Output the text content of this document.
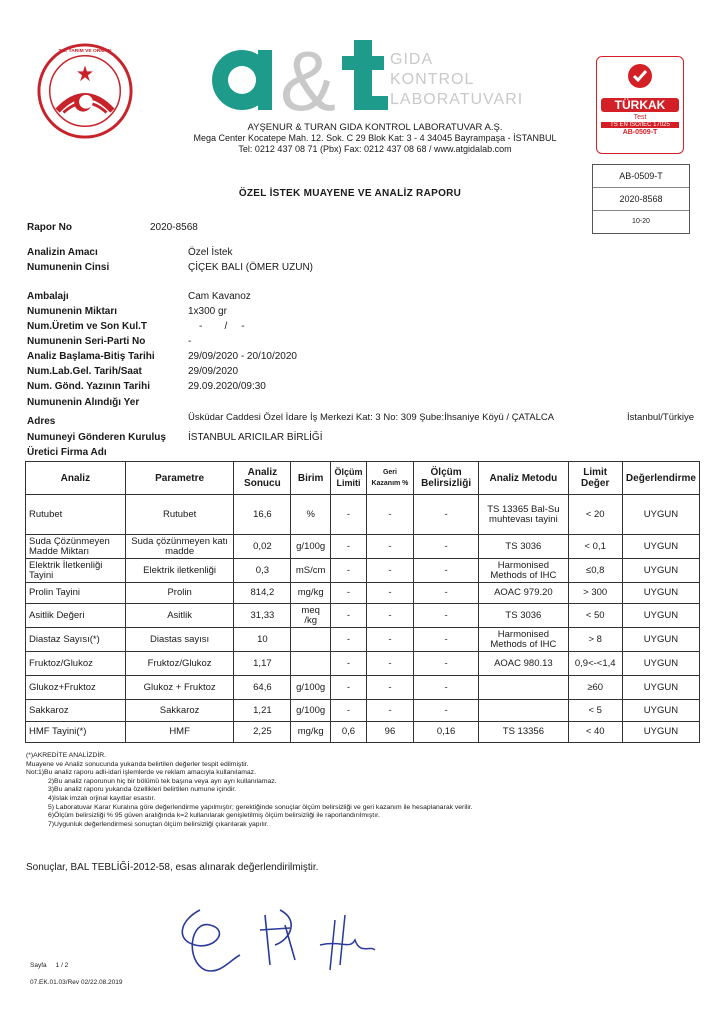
T.C. TARIM VE ORMAN &	GIDA
KONTROL
LABORATUVARI	TÜRKAK
Test
TS EN ISO/IEC 17025
AB-0509-T
AYŞENUR & TURAN GIDA KONTROL LABORATUVAR A.Ş.
Mega Center Kocatepe Mah. 12. Sok. C 29 Blok Kat: 3 - 4 34045 Bayrampaşa - İSTANBUL
Tel: 0212 437 08 71 (Pbx) Fax: 0212 437 08 68 / www.atgidalab.com
AB-0509-T
2020-8568
10-20
ÖZEL İSTEK MUAYENE VE ANALİZ RAPORU
Rapor No	2020-8568
Analizin Amacı	Özel İstek
Numunenin Cinsi	ÇİÇEK BALI (ÖMER UZUN)
Ambalajı	Cam Kavanoz
Numunenin Miktarı	1x300 gr
Num.Üretim ve Son Kul.T	-        /     -
Numunenin Seri-Parti No	-
Analiz Başlama-Bitiş Tarihi	29/09/2020 - 20/10/2020
Num.Lab.Gel. Tarih/Saat	29/09/2020
Num. Gönd. Yazının Tarihi	29.09.2020/09:30
Numunenin Alındığı Yer
Adres	Üsküdar Caddesi Özel İdare İş Merkezi Kat: 3 No: 309 Şube:İhsaniye Köyü / ÇATALCA	İstanbul/Türkiye
Numuneyi Gönderen Kuruluş İSTANBUL ARICILAR BİRLİĞİ
Üretici Firma Adı
Analiz	Parametre	Analiz Sonucu	Birim	Ölçüm Limiti	Geri Kazanım %	Ölçüm Belirsizliği	Analiz Metodu	Limit Değer	Değerlendirme
Rutubet	Rutubet	16,6	%	-	-	-	TS 13365 Bal-Su muhtevası tayini	< 20	UYGUN
Suda Çözünmeyen Madde Miktarı	Suda çözünmeyen katı madde	0,02	g/100g	-	-	-	TS 3036	< 0,1	UYGUN
Elektrik İletkenliği Tayini	Elektrik iletkenliği	0,3	mS/cm	-	-	-	Harmonised Methods of IHC	≤0,8	UYGUN
Prolin Tayini	Prolin	814,2	mg/kg	-	-	-	AOAC 979.20	> 300	UYGUN
Asitlik Değeri	Asitlik	31,33	meq /kg	-	-	-	TS 3036	< 50	UYGUN
Diastaz Sayısı(*)	Diastas sayısı	10		-	-	-	Harmonised Methods of IHC	> 8	UYGUN
Fruktoz/Glukoz	Fruktoz/Glukoz	1,17		-	-	-	AOAC 980.13	0,9<-<1,4	UYGUN
Glukoz+Fruktoz	Glukoz + Fruktoz	64,6	g/100g	-	-	-		≥60	UYGUN
Sakkaroz	Sakkaroz	1,21	g/100g	-	-	-		< 5	UYGUN
HMF Tayini(*)	HMF	2,25	mg/kg	0,6	96	0,16	TS 13356	< 40	UYGUN
(*)AKREDİTE ANALİZDİR.
Muayene ve Analiz sonucunda yukarıda belirtilen değerler tespit edilmiştir.
Not: 1)Bu analiz raporu adli-idari işlemlerde ve reklam amacıyla kullanılamaz.
2)Bu analiz raporunun hiç bir bölümü tek başına veya ayrı ayrı kullanılamaz.
3)Bu analiz raporu yukarıda özellikleri belirtilen numune içindir.
4)Islak imzalı orjinal kayıtlar esastır.
5) Laboratuvar Karar Kuralına göre değerlendirme yapılmıştır; gerektiğinde sonuçlar ölçüm belirsizliği ve geri kazanım ile hesaplanarak verilir.
6)Ölçüm belirsizliği % 95 güven aralığında k=2 kullanılarak genişletilmiş ölçüm belirsizliği ile raporlandırılmıştır.
7)Uygunluk değerlendirmesi sonuçtan ölçüm belirsizliği çıkarılarak yapılır.
Sonuçlar, BAL TEBLİĞİ-2012-58, esas alınarak değerlendirilmiştir.
Sayfa     1 / 2
07.EK.01.03/Rev 02/22.08.2019
